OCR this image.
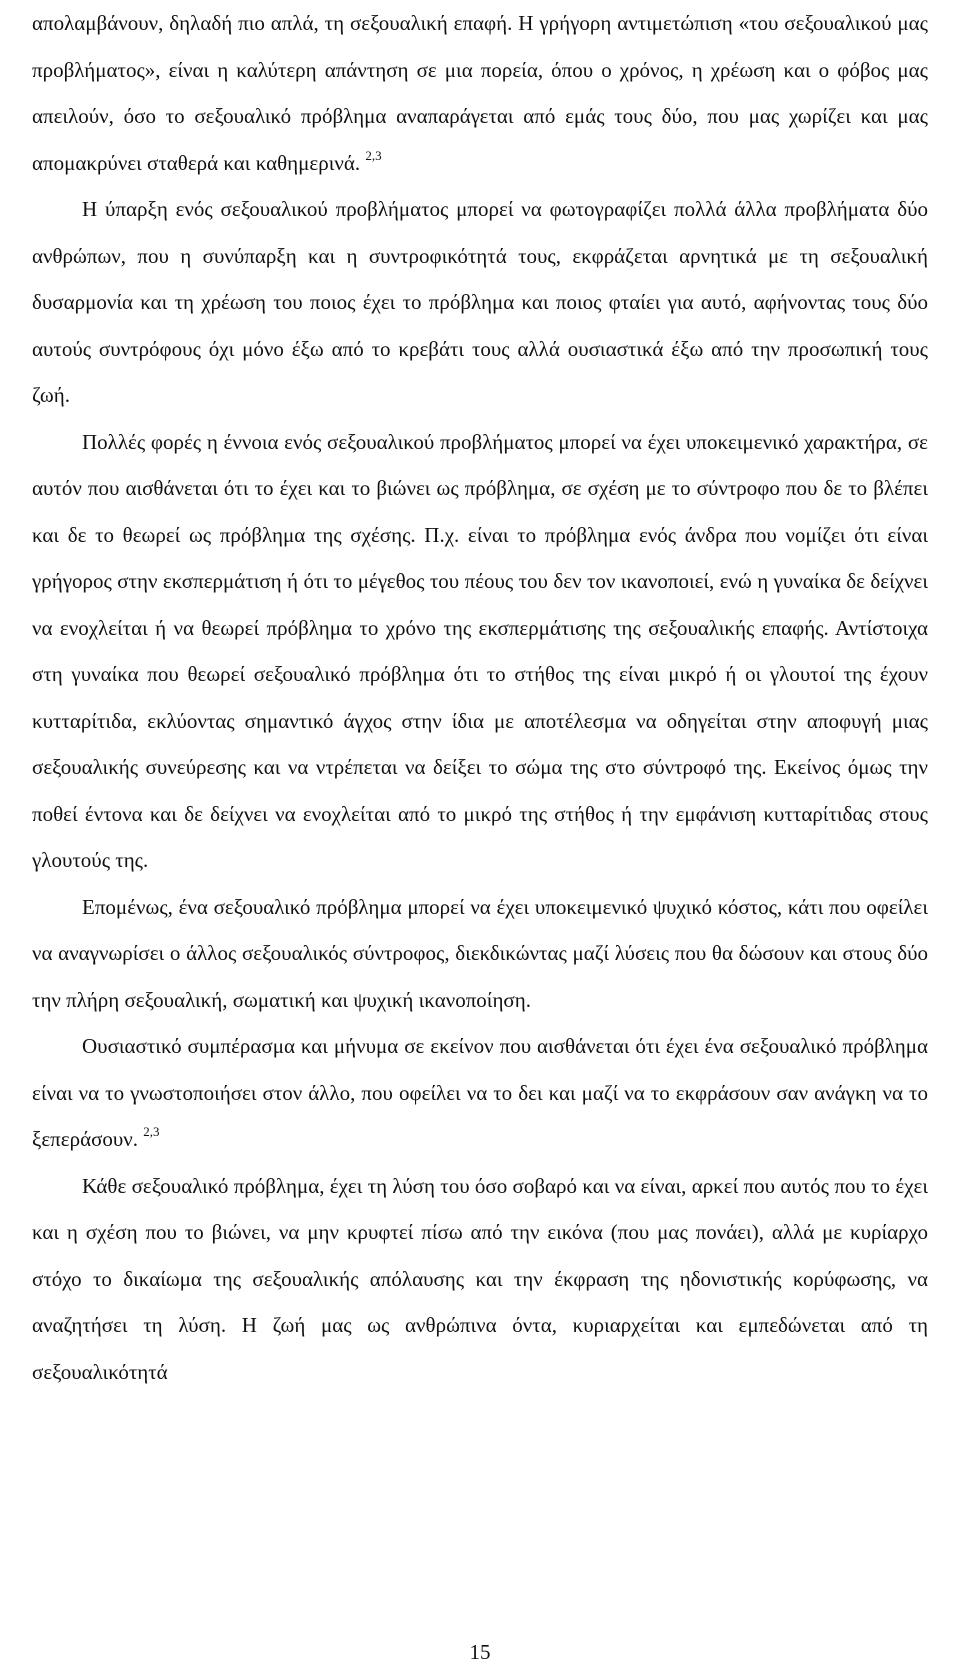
απολαμβάνουν, δηλαδή πιο απλά, τη σεξουαλική επαφή. Η γρήγορη αντιμετώπιση «του σεξουαλικού μας προβλήματος», είναι η καλύτερη απάντηση σε μια πορεία, όπου ο χρόνος, η χρέωση και ο φόβος μας απειλούν, όσο το σεξουαλικό πρόβλημα αναπαράγεται από εμάς τους δύο, που μας χωρίζει και μας απομακρύνει σταθερά και καθημερινά. $^{2,3}$

Η ύπαρξη ενός σεξουαλικού προβλήματος μπορεί να φωτογραφίζει πολλά άλλα προβλήματα δύο ανθρώπων, που η συνύπαρξη και η συντροφικότητά τους, εκφράζεται αρνητικά με τη σεξουαλική δυσαρμονία και τη χρέωση του ποιος έχει το πρόβλημα και ποιος φταίει για αυτό, αφήνοντας τους δύο αυτούς συντρόφους όχι μόνο έξω από το κρεβάτι τους αλλά ουσιαστικά έξω από την προσωπική τους ζωή.

Πολλές φορές η έννοια ενός σεξουαλικού προβλήματος μπορεί να έχει υποκειμενικό χαρακτήρα, σε αυτόν που αισθάνεται ότι το έχει και το βιώνει ως πρόβλημα, σε σχέση με το σύντροφο που δε το βλέπει και δε το θεωρεί ως πρόβλημα της σχέσης. Π.χ. είναι το πρόβλημα ενός άνδρα που νομίζει ότι είναι γρήγορος στην εκσπερμάτιση ή ότι το μέγεθος του πέους του δεν τον ικανοποιεί, ενώ η γυναίκα δε δείχνει να ενοχλείται ή να θεωρεί πρόβλημα το χρόνο της εκσπερμάτισης της σεξουαλικής επαφής. Αντίστοιχα στη γυναίκα που θεωρεί σεξουαλικό πρόβλημα ότι το στήθος της είναι μικρό ή οι γλουτοί της έχουν κυτταρίτιδα, εκλύοντας σημαντικό άγχος στην ίδια με αποτέλεσμα να οδηγείται στην αποφυγή μιας σεξουαλικής συνεύρεσης και να ντρέπεται να δείξει το σώμα της στο σύντροφό της. Εκείνος όμως την ποθεί έντονα και δε δείχνει να ενοχλείται από το μικρό της στήθος ή την εμφάνιση κυτταρίτιδας στους γλουτούς της.

Επομένως, ένα σεξουαλικό πρόβλημα μπορεί να έχει υποκειμενικό ψυχικό κόστος, κάτι που οφείλει να αναγνωρίσει ο άλλος σεξουαλικός σύντροφος, διεκδικώντας μαζί λύσεις που θα δώσουν και στους δύο την πλήρη σεξουαλική, σωματική και ψυχική ικανοποίηση.

Ουσιαστικό συμπέρασμα και μήνυμα σε εκείνον που αισθάνεται ότι έχει ένα σεξουαλικό πρόβλημα είναι να το γνωστοποιήσει στον άλλο, που οφείλει να το δει και μαζί να το εκφράσουν σαν ανάγκη να το ξεπεράσουν. $^{2,3}$

Κάθε σεξουαλικό πρόβλημα, έχει τη λύση του όσο σοβαρό και να είναι, αρκεί που αυτός που το έχει και η σχέση που το βιώνει, να μην κρυφτεί πίσω από την εικόνα (που μας πονάει), αλλά με κυρίαρχο στόχο το δικαίωμα της σεξουαλικής απόλαυσης και την έκφραση της ηδονιστικής κορύφωσης, να αναζητήσει τη λύση. Η ζωή μας ως ανθρώπινα όντα, κυριαρχείται και εμπεδώνεται από τη σεξουαλικότητά

15
